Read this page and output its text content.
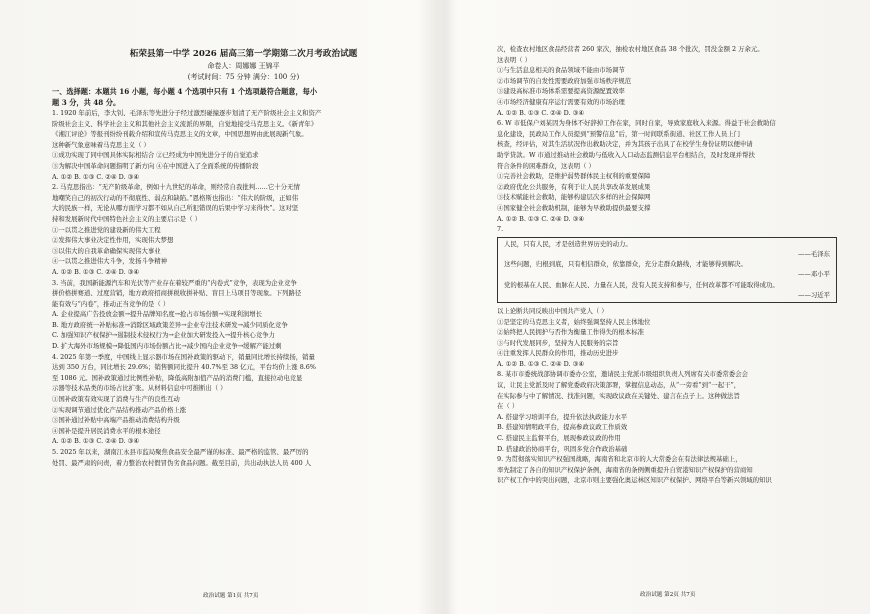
柘荣县第一中学 2026 届高三第一学期第二次月考政治试题
命卷人：周娜娜 王锦平
(考试时间：75 分钟 满分：100 分)
一、选择题：本题共 16 小题，每小题 4 个选项中只有 1 个选项最符合题意，每小
题 3 分，共 48 分。
1. 1920 年前后，李大钊、毛泽东等先进分子经过激烈碰撞逐步划清了无产阶级社会主义和资产
阶级社会主义、科学社会主义和其他社会主义流派的界限，自觉地接受马克思主义。《新青年》
《湘江评论》等报刊纷纷刊载介绍和宣传马克思主义的文章，中国思想界由此展现新气象。
这种新气象意味着马克思主义（ ）
①成功实现了同中国具体实际相结合 ②已经成为中国先进分子的自觉追求
③为解决中国革命问题指明了新方向 ④在中国进入了全面系统的传播阶段
A. ①② B. ①③ C. ②④ D. ③④
2. 马克思指出：“无产阶级革命，例如十九世纪的革命，则经常自我批判……它十分无情
地嘲笑自己的初次行动的不彻底性、弱点和缺陷。”恩格斯也指出：“伟大的阶级，正如伟
大的民族一样，无论从哪方面学习都不如从自己所犯错误的后果中学习来得快”。这对坚
持和发展新时代中国特色社会主义的主要启示是（ ）
①一以贯之推进党的建设新的伟大工程
②发挥伟大事业决定性作用，实现伟大梦想
③以伟大的自我革命确保实现伟大事业
④一以贯之推进伟大斗争，发扬斗争精神
A. ①② B. ①③ C. ②④ D. ③④
3. 当前，我国新能源汽车和光伏等产业存在着较严重的“内卷式”竞争，表现为企业竞争
拼价格拼赛道、过度营销，地方政府招商拼税收拼补贴、盲目上马项目等现象。下列路径
能有效与“内卷”，推动正当竞争的是（ ）
A. 企业提高广告投放金额→提升品牌知名度→抢占市场份额→实现利润增长
B. 地方政府统一补贴标准→消除区域政策差异→企业专注技术研发→减少同质化竞争
C. 加强知识产权保护→遏制技术侵权行为→企业加大研发投入→提升核心竞争力
D. 扩大海外市场规模→降低国内市场份额占比→减少国内企业竞争→缓解产能过剩
4. 2025 年第一季度，中国线上显示器市场在国补政策的驱动下，销量同比增长持续扬，销量
达到 350 万台，同比增长 29.6%；销售额同比提升 40.7%至 38 亿元，平台均价上涨 8.6%
至 1086 元。国补政策通过比例性补贴，降低高附加值产品的消费门槛，直接拉动电竞显
示器等技术品类的市场占比扩张。从材料信息中可推断出（ ）
①国补政策有效实现了消费与生产的良性互动
②实现调节通过优化产品结构推动产品价格上涨
③国补通过补贴中高端产品推动消费结构升级
④国补是提升居民消费水平的根本途径
A. ①② B. ①③ C. ②④ D. ③④
5. 2025 年以来，湖南江永县市监局聚焦食品安全最严谨的标准、最严格的监管、最严厉的
处罚、最严肃的问责，着力整治农村假冒伪劣食品问题。截至目前，共出动执法人员 400 人
次，检查农村地区食品经营者 260 家次，抽检农村地区食品 38 个批次，罚没金额 2 万余元。
这表明（ ）
①与生活息息相关的食品领域不能由市场调节
②市场调节的自发性需要政府加强市场秩序规范
③建设高标准市场体系需要提高资源配置效率
④市场经济健康有序运行需要有效的市场治理
A. ①② B. ①③ C. ②④ D. ③④
6. W 市低保户刘某因为身体不好辞掉工作在家，同时自家，导致家庭收入来源。得益于社会救助信
息化建设，民政局工作人员提到“预警信息”后，第一时间联系街道、社区工作人员上门
核查，经评估，对其生活状况作出救助决定，并为其孩子出具了在校学生身份证明以便申请
助学贷款。W 市通过推动社会救助与低收入人口动态监测信息平台相结合，及时发现并帮扶
符合条件的困难群众，这表明（ ）
①完善社会救助，是维护弱势群体民主权利的重要保障
②政府优化公共服务，有利于让人民共享改革发展成果
③技术赋能社会救助，能够构建层次多样的社会保障网
④国家健全社会救助机制，能够为早救助提供最要支撑
A. ①② B. ①③ C. ②④ D. ③④
7.
人民，只有人民，才是创造世界历史的动力。
——毛泽东
这些问题，归根到底，只有相信群众，依靠群众，充分走群众路线，才能够得到解决。
——邓小平
党的根基在人民、血脉在人民、力量在人民，没有人民支持和参与，任何改革都不可能取得成功。
——习近平
以上论断共同反映出中国共产党人（ ）
①是坚定的马克思主义者，始终强调坚持人民主体地位
②始终把人民拥护与否作为衡量工作得失的根本标准
③与时代发展同步，坚持为人民服务的宗旨
④注重发挥人民群众的作用，推动历史进步
A. ①② B. ①③ C. ②④ D. ③④
8. 某市市委统战部协调市委办公室，邀请民主党派市级组织负责人列席有关市委常委会会
议，让民主党派及时了解党委政府决策部署，掌握信息动态，从“一旁看”到“一起干”，
在实际参与中了解情况、找准问题，实现政议政在关键处、建言在点子上。这种做法旨
在（ ）
A. 搭建学习培训平台，提升依法执政能力水平
B. 搭建知情明政平台，提高参政议政工作质效
C. 搭建民主监督平台，展现参政议政的作用
D. 搭建政治协商平台，巩固多党合作政治基础
9. 为贯彻落实知识产权强国战略，海南省和北京市的人大常委会在有法律法规基础上，
率先制定了各自的知识产权保护条例，海南省的条例侧重提升自贸港知识产权保护的营商知
识产权工作中的突出问题，北京市则主要强化奥运林区知识产权保护、网络平台等新兴领域的知识
政治试题 第1页 共7页	政治试题 第2页 共7页
